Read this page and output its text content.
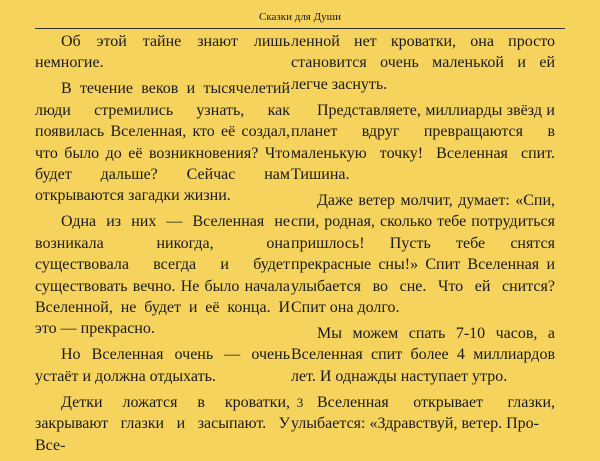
Сказки для Души

Об этой тайне знают лишь немногие.

В течение веков и тысячелетий люди стремились узнать, как появилась Вселенная, кто её создал, что было до её возникновения? Что будет дальше? Сейчас нам открываются загадки жизни.

Одна из них — Вселенная не возникала никогда, она существовала всегда и будет существовать вечно. Не было начала Вселенной, не будет и её конца. И это — прекрасно.

Но Вселенная очень — очень устаёт и должна отдыхать.

Детки ложатся в кроватки, закрывают глазки и засыпают. У Все-

ленной нет кроватки, она просто становится очень маленькой и ей легче заснуть.

Представляете, миллиарды звёзд и планет вдруг превращаются в маленькую точку! Вселенная спит. Тишина.

Даже ветер молчит, думает: «Спи, спи, родная, сколько тебе потрудиться пришлось! Пусть тебе снятся прекрасные сны!» Спит Вселенная и улыбается во сне. Что ей снится? Спит она долго.

Мы можем спать 7-10 часов, а Вселенная спит более 4 миллиардов лет. И однажды наступает утро.

Вселенная открывает глазки, улыбается: «Здравствуй, ветер. Про-

3
